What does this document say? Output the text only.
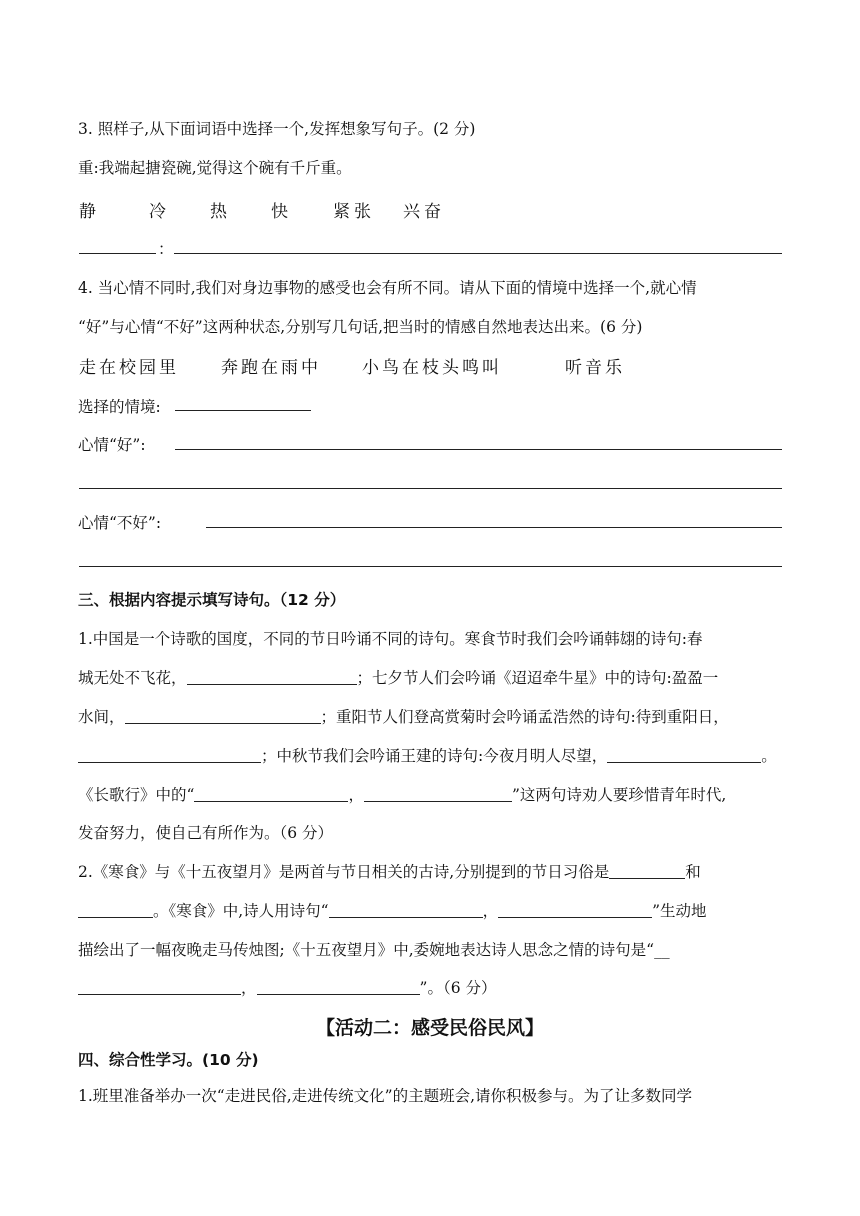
3. 照样子,从下面词语中选择一个,发挥想象写句子。(2 分)
重:我端起搪瓷碗,觉得这个碗有千斤重。
静	冷 热 快 紧张 兴奋
：
4. 当心情不同时,我们对身边事物的感受也会有所不同。请从下面的情境中选择一个,就心情
“好”与心情“不好”这两种状态,分别写几句话,把当时的情感自然地表达出来。(6 分)
走在校园里 奔跑在雨中 小鸟在枝头鸣叫	听音乐
选择的情境:
心情“好”:
心情“不好”:
三、根据内容提示填写诗句。（12 分）
1.中国是一个诗歌的国度，不同的节日吟诵不同的诗句。寒食节时我们会吟诵韩翃的诗句:春
城无处不飞花，	；七夕节人们会吟诵《迢迢牵牛星》中的诗句:盈盈一
水间，	；重阳节人们登高赏菊时会吟诵孟浩然的诗句:待到重阳日，
；中秋节我们会吟诵王建的诗句:今夜月明人尽望，	。
《长歌行》中的“	，	”这两句诗劝人要珍惜青年时代,
发奋努力，使自己有所作为。（6 分）
2.《寒食》与《十五夜望月》是两首与节日相关的古诗,分别提到的节日习俗是	和
。《寒食》中,诗人用诗句“	，	”生动地
描绘出了一幅夜晚走马传烛图;《十五夜望月》中,委婉地表达诗人思念之情的诗句是“__
，	”。（6 分）
【活动二：感受民俗民风】
四、综合性学习。(10 分)
1.班里准备举办一次“走进民俗,走进传统文化”的主题班会,请你积极参与。为了让多数同学
